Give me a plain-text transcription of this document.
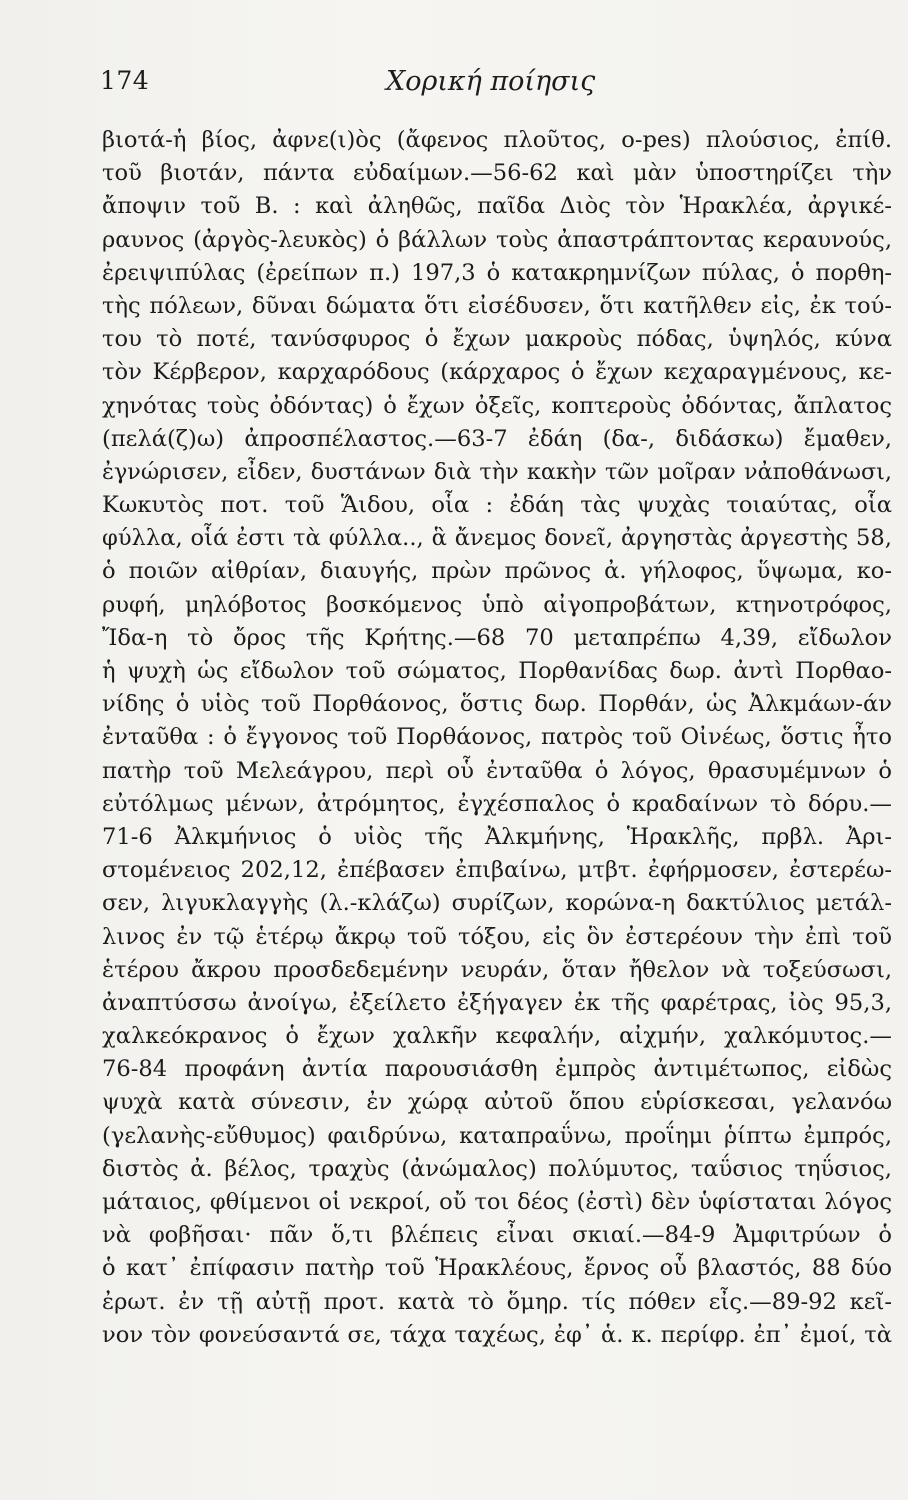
174	Χορική ποίησις
βιοτά-ἡ βίος, ἀφνε(ι)ὸς (ἄφενος πλοῦτος, o-pes) πλούσιος, ἐπίθ.
τοῦ βιοτάν, πάντα εὐδαίμων.—56-62 καὶ μὰν ὑποστηρίζει τὴν
ἄποψιν τοῦ Β. : καὶ ἀληθῶς, παῖδα Διὸς τὸν Ἡρακλέα, ἀργικέ-
ραυνος (ἀργὸς-λευκὸς) ὁ βάλλων τοὺς ἀπαστράπτοντας κεραυνούς,
ἐρειψιπύλας (ἐρείπων π.) 197,3 ὁ κατακρημνίζων πύλας, ὁ πορθη-
τὴς πόλεων, δῦναι δώματα ὅτι εἰσέδυσεν, ὅτι κατῆλθεν εἰς, ἐκ τού-
του τὸ ποτέ, τανύσφυρος ὁ ἔχων μακροὺς πόδας, ὑψηλός, κύνα
τὸν Κέρβερον, καρχαρόδους (κάρχαρος ὁ ἔχων κεχαραγμένους, κε-
χηνότας τοὺς ὀδόντας) ὁ ἔχων ὀξεῖς, κοπτεροὺς ὀδόντας, ἄπλατος
(πελά(ζ)ω) ἀπροσπέλαστος.—63-7 ἐδάη (δα-, διδάσκω) ἔμαθεν,
ἐγνώρισεν, εἶδεν, δυστάνων διὰ τὴν κακὴν τῶν μοῖραν νἀποθάνωσι,
Κωκυτὸς ποτ. τοῦ Ἅιδου, οἷα : ἐδάη τὰς ψυχὰς τοιαύτας, οἷα
φύλλα, οἷά ἐστι τὰ φύλλα.., ἃ ἄνεμος δονεῖ, ἀργηστὰς ἀργεστὴς 58,
ὁ ποιῶν αἰθρίαν, διαυγής, πρὼν πρῶνος ἀ. γήλοφος, ὕψωμα, κο-
ρυφή, μηλόβοτος βοσκόμενος ὑπὸ αἰγοπροβάτων, κτηνοτρόφος,
Ἴδα-η τὸ ὄρος τῆς Κρήτης.—68 70 μεταπρέπω 4,39, εἴδωλον
ἡ ψυχὴ ὡς εἴδωλον τοῦ σώματος, Πορθανίδας δωρ. ἀντὶ Πορθαο-
νίδης ὁ υἱὸς τοῦ Πορθάονος, ὅστις δωρ. Πορθάν, ὡς Ἀλκμάων-άν
ἐνταῦθα : ὁ ἔγγονος τοῦ Πορθάονος, πατρὸς τοῦ Οἰνέως, ὅστις ἦτο
πατὴρ τοῦ Μελεάγρου, περὶ οὗ ἐνταῦθα ὁ λόγος, θρασυμέμνων ὁ
εὐτόλμως μένων, ἀτρόμητος, ἐγχέσπαλος ὁ κραδαίνων τὸ δόρυ.—
71-6 Ἀλκμήνιος ὁ υἱὸς τῆς Ἀλκμήνης, Ἡρακλῆς, πρβλ. Ἀρι-
στομένειος 202,12, ἐπέβασεν ἐπιβαίνω, μτβτ. ἐφήρμοσεν, ἐστερέω-
σεν, λιγυκλαγγὴς (λ.-κλάζω) συρίζων, κορώνα-η δακτύλιος μετάλ-
λινος ἐν τῷ ἑτέρῳ ἄκρῳ τοῦ τόξου, εἰς ὃν ἐστερέουν τὴν ἐπὶ τοῦ
ἑτέρου ἄκρου προσδεδεμένην νευράν, ὅταν ἤθελον νὰ τοξεύσωσι,
ἀναπτύσσω ἀνοίγω, ἐξείλετο ἐξήγαγεν ἐκ τῆς φαρέτρας, ἰὸς 95,3,
χαλκεόκρανος ὁ ἔχων χαλκῆν κεφαλήν, αἰχμήν, χαλκόμυτος.—
76-84 προφάνη ἀντία παρουσιάσθη ἐμπρὸς ἀντιμέτωπος, εἰδὼς
ψυχὰ κατὰ σύνεσιν, ἐν χώρᾳ αὐτοῦ ὅπου εὑρίσκεσαι, γελανόω
(γελανὴς-εὔθυμος) φαιδρύνω, καταπραΰνω, προΐημι ῥίπτω ἐμπρός,
διστὸς ἀ. βέλος, τραχὺς (ἀνώμαλος) πολύμυτος, ταΰσιος τηΰσιος,
μάταιος, φθίμενοι οἱ νεκροί, οὔ τοι δέος (ἐστὶ) δὲν ὑφίσταται λόγος
νὰ φοβῆσαι· πᾶν ὅ,τι βλέπεις εἶναι σκιαί.—84-9 Ἀμφιτρύων ὁ
ὁ κατ᾽ ἐπίφασιν πατὴρ τοῦ Ἡρακλέους, ἔρνος οὗ βλαστός, 88 δύο
ἐρωτ. ἐν τῇ αὐτῇ προτ. κατὰ τὸ ὅμηρ. τίς πόθεν εἶς.—89-92 κεῖ-
νον τὸν φονεύσαντά σε, τάχα ταχέως, ἐφ᾽ ἁ. κ. περίφρ. ἐπ᾽ ἐμοί, τὰ
